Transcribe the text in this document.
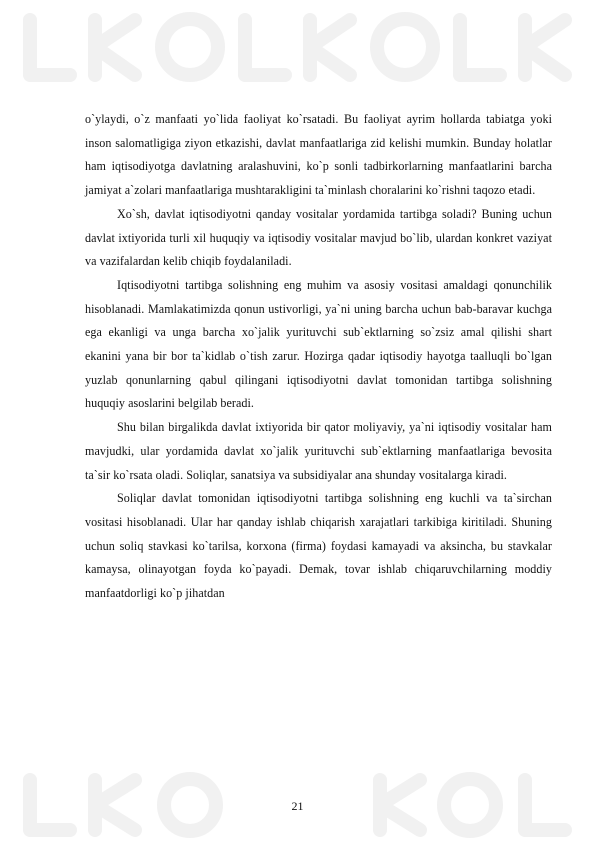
o`ylaydi, o`z manfaati yo`lida faoliyat ko`rsatadi. Bu faoliyat ayrim hollarda tabiatga yoki inson salomatligiga ziyon etkazishi, davlat manfaatlariga zid kelishi mumkin. Bunday holatlar ham iqtisodiyotga davlatning aralashuvini, ko`p sonli tadbirkorlarning manfaatlarini barcha jamiyat a`zolari manfaatlariga mushtarakligini ta`minlash choralarini ko`rishni taqozo etadi.

Xo`sh, davlat iqtisodiyotni qanday vositalar yordamida tartibga soladi? Buning uchun davlat ixtiyorida turli xil huquqiy va iqtisodiy vositalar mavjud bo`lib, ulardan konkret vaziyat va vazifalardan kelib chiqib foydalaniladi.

Iqtisodiyotni tartibga solishning eng muhim va asosiy vositasi amaldagi qonunchilik hisoblanadi. Mamlakatimizda qonun ustivorligi, ya`ni uning barcha uchun bab-baravar kuchga ega ekanligi va unga barcha xo`jalik yurituvchi sub`ektlarning so`zsiz amal qilishi shart ekanini yana bir bor ta`kidlab o`tish zarur. Hozirga qadar iqtisodiy hayotga taalluqli bo`lgan yuzlab qonunlarning qabul qilingani iqtisodiyotni davlat tomonidan tartibga solishning huquqiy asoslarini belgilab beradi.

Shu bilan birgalikda davlat ixtiyorida bir qator moliyaviy, ya`ni iqtisodiy vositalar ham mavjudki, ular yordamida davlat xo`jalik yurituvchi sub`ektlarning manfaatlariga bevosita ta`sir ko`rsata oladi. Soliqlar, sanatsiya va subsidiyalar ana shunday vositalarga kiradi.

Soliqlar davlat tomonidan iqtisodiyotni tartibga solishning eng kuchli va ta`sirchan vositasi hisoblanadi. Ular har qanday ishlab chiqarish xarajatlari tarkibiga kiritiladi. Shuning uchun soliq stavkasi ko`tarilsa, korxona (firma) foydasi kamayadi va aksincha, bu stavkalar kamaysa, olinayotgan foyda ko`payadi. Demak, tovar ishlab chiqaruvchilarning moddiy manfaatdorligi ko`p jihatdan

21
